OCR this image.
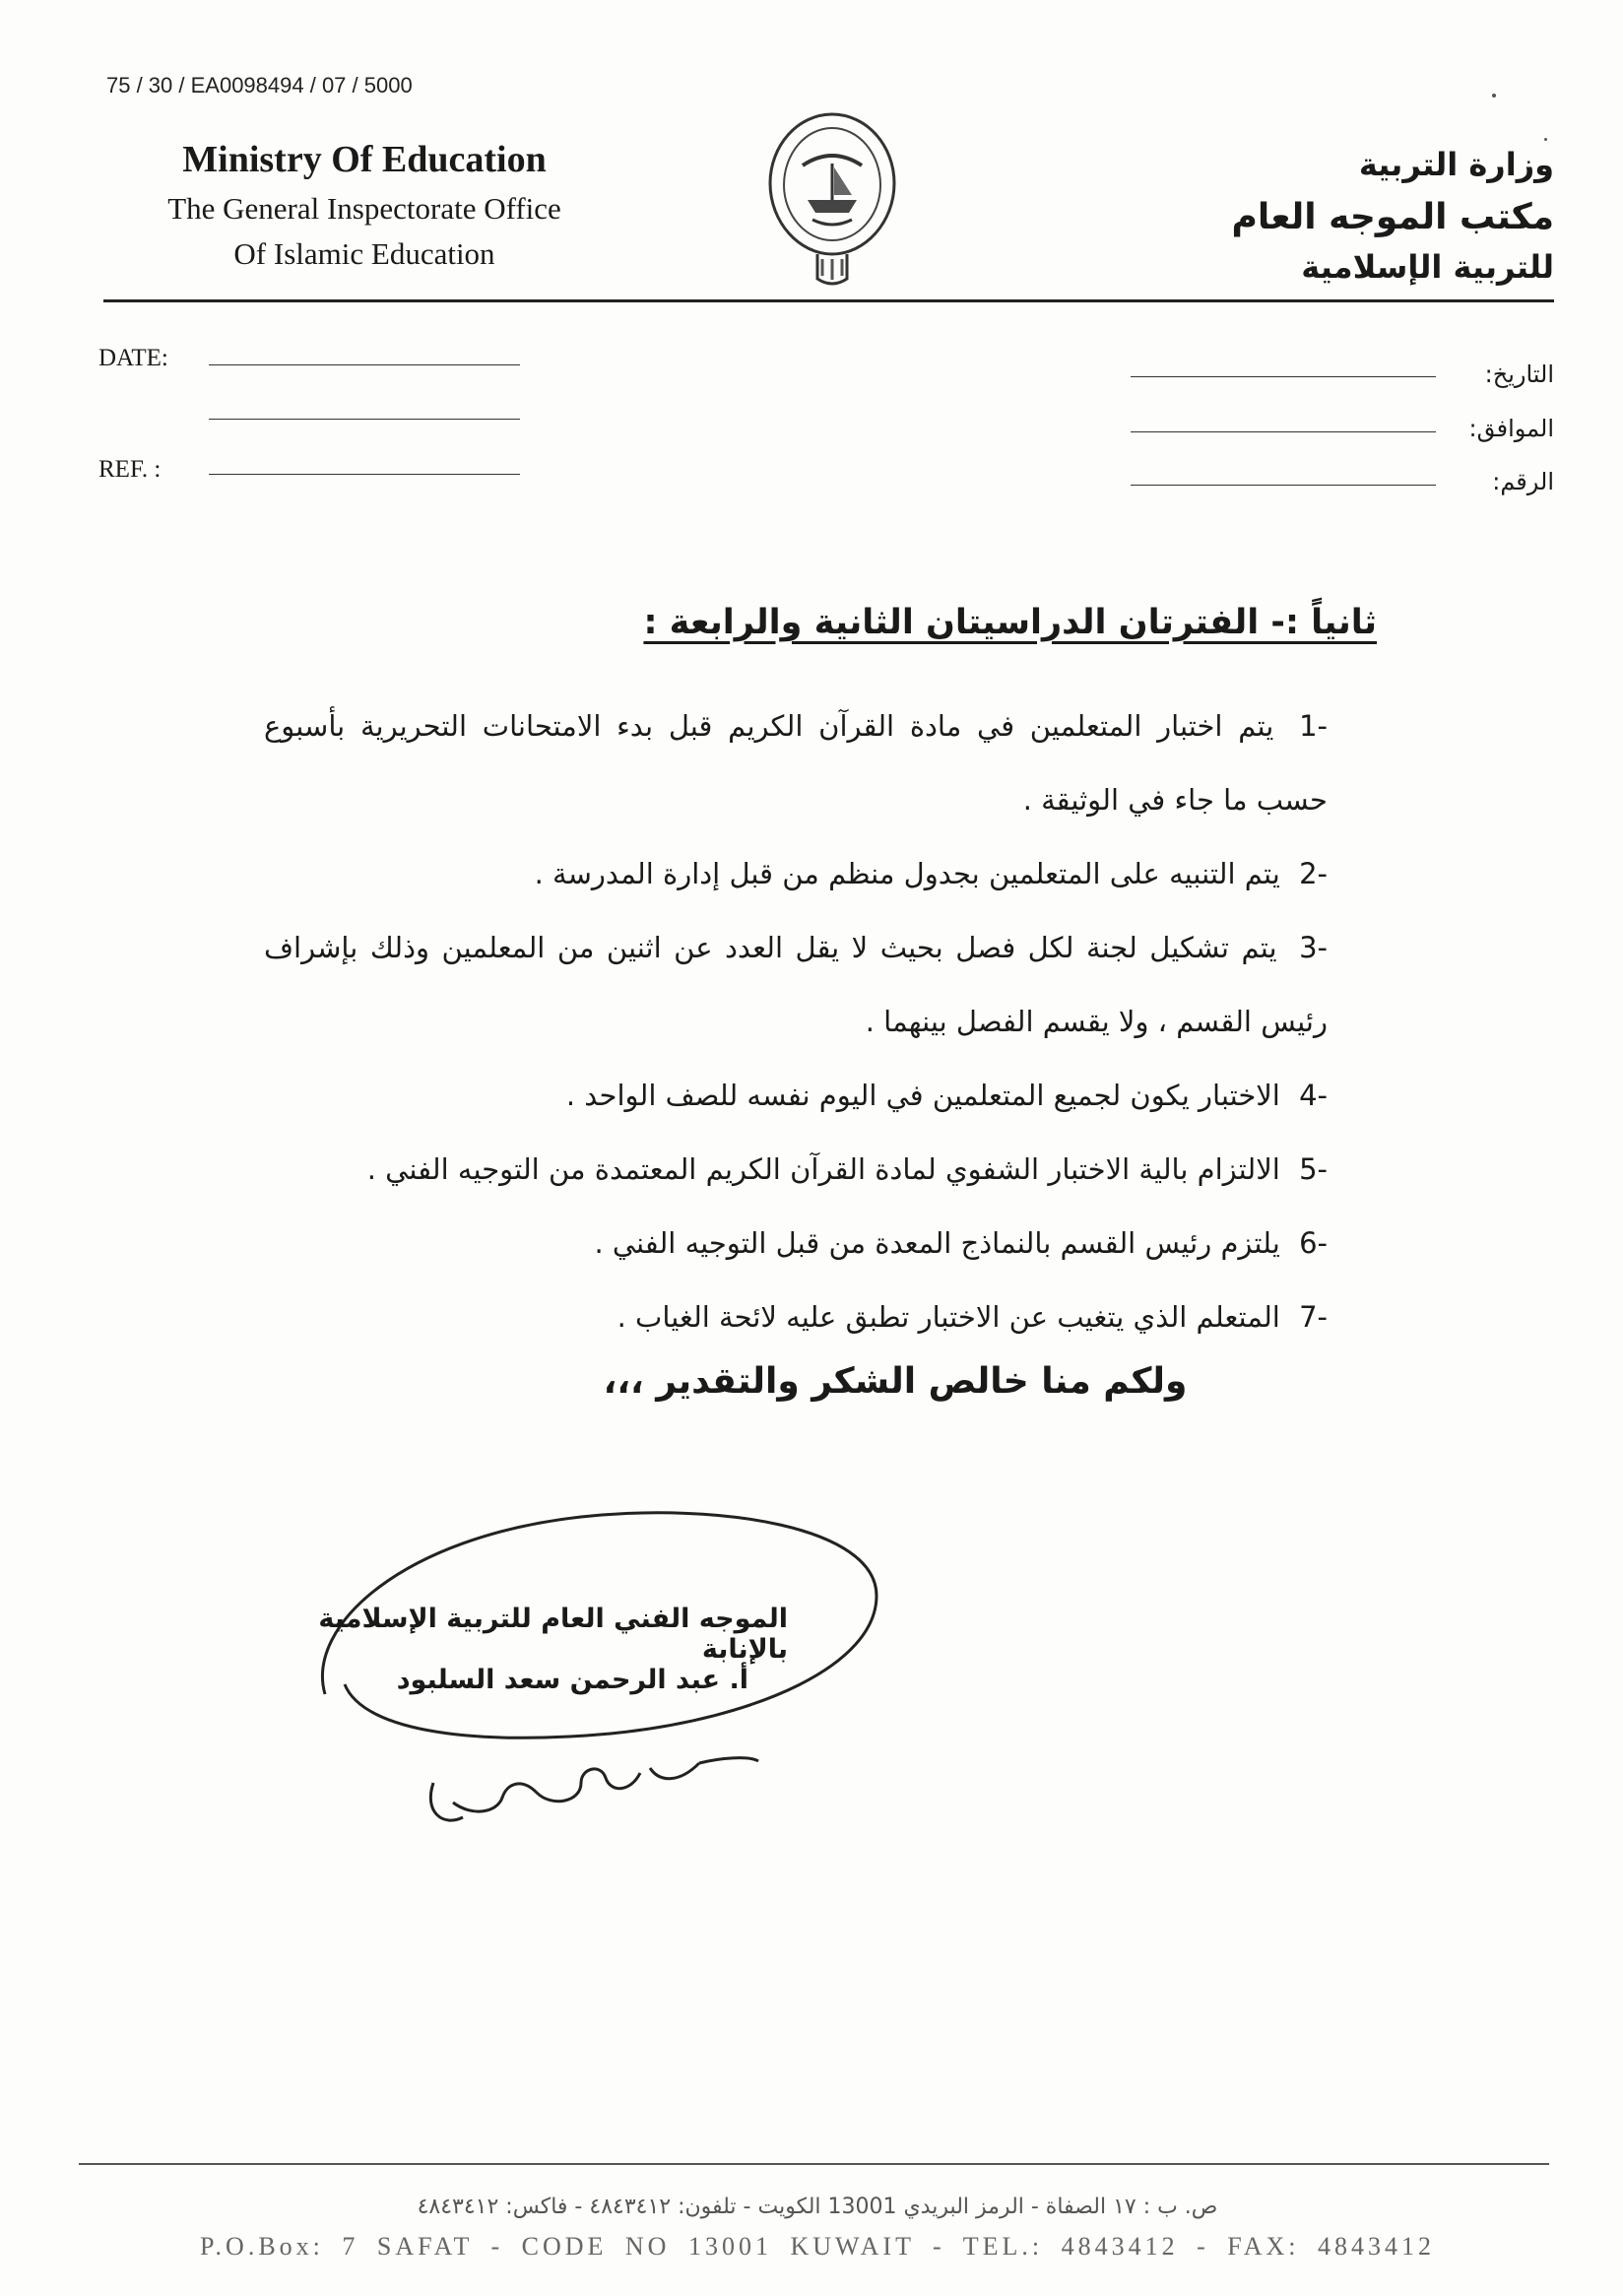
75 / 30 / EA0098494 / 07 / 5000
Ministry Of Education
The General Inspectorate Office
Of Islamic Education
وزارة التربية
مكتب الموجه العام
للتربية الإسلامية
DATE:
REF. :
التاريخ:
الموافق:
الرقم:
ثانياً :- الفترتان الدراسيتان الثانية والرابعة :
-1 يتم اختبار المتعلمين في مادة القرآن الكريم قبل بدء الامتحانات التحريرية بأسبوع حسب ما جاء في الوثيقة .
-2 يتم التنبيه على المتعلمين بجدول منظم من قبل إدارة المدرسة .
-3 يتم تشكيل لجنة لكل فصل بحيث لا يقل العدد عن اثنين من المعلمين وذلك بإشراف رئيس القسم ، ولا يقسم الفصل بينهما .
-4 الاختبار يكون لجميع المتعلمين في اليوم نفسه للصف الواحد .
-5 الالتزام بالية الاختبار الشفوي لمادة القرآن الكريم المعتمدة من التوجيه الفني .
-6 يلتزم رئيس القسم بالنماذج المعدة من قبل التوجيه الفني .
-7 المتعلم الذي يتغيب عن الاختبار تطبق عليه لائحة الغياب .
ولكم منا خالص الشكر والتقدير ،،،
الموجه الفني العام للتربية الإسلامية بالإنابة
أ. عبد الرحمن سعد السلبود
ص. ب : ١٧ الصفاة - الرمز البريدي 13001 الكويت - تلفون: ٤٨٤٣٤١٢ - فاكس: ٤٨٤٣٤١٢
P.O.Box: 7 SAFAT - CODE NO 13001 KUWAIT - TEL.: 4843412 - FAX: 4843412
